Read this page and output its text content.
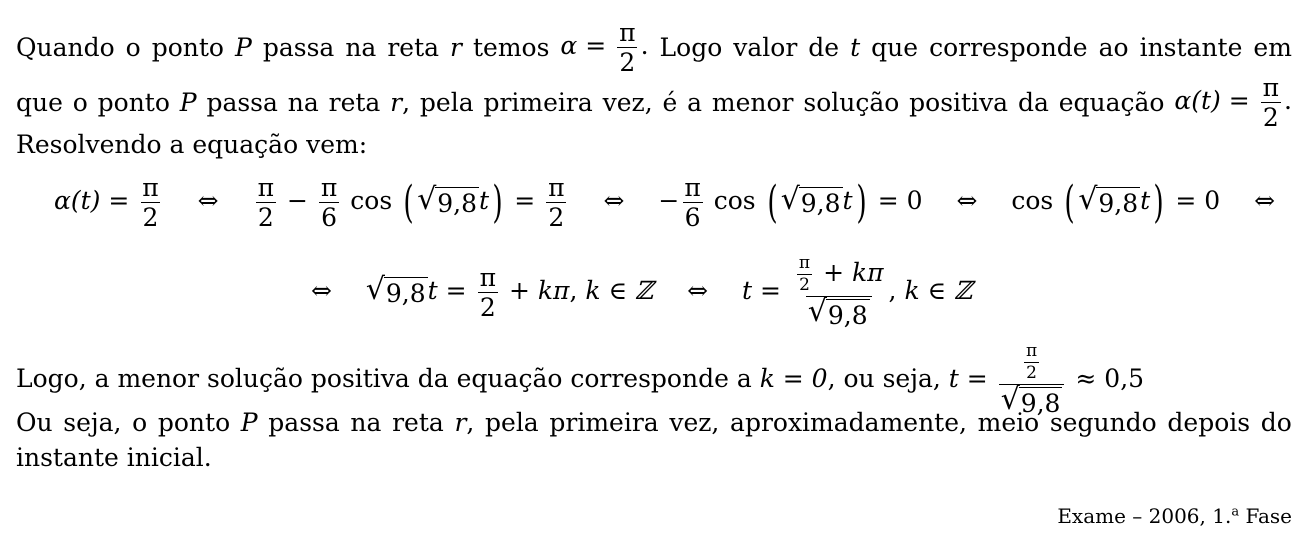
Quando o ponto P passa na reta r temos $\alpha = \frac{\pi}{2}$ . Logo valor de t que corresponde ao instante em
que o ponto P passa na reta r, pela primeira vez, é a menor solução positiva da equação $\alpha(t) = \frac{\pi}{2}$ .
Resolvendo a equação vem:
$\alpha(t) = \frac{\pi}{2}$ ⇔ $\frac{\pi}{2} - \frac{\pi}{6}$ cos ( √ $9,8t) = \frac{\pi}{2}$ ⇔ − $\frac{\pi}{6}$ cos ( √ 9,8t) = 0 ⇔ cos ( √ 9,8t) = 0 ⇔
⇔ √ $9,8t = \frac{\pi}{2} + k\pi$, k ∈ ℤ ⇔ $t = \frac{\frac{\pi}{2} + k\pi}{√ 9,8}$ , k ∈ ℤ
Logo, a menor solução positiva da equação corresponde a k = 0, ou seja, $t = \frac{\frac{\pi}{2}}{√ 9,8} \approx 0,5$
Ou seja, o ponto P passa na reta r, pela primeira vez, aproximadamente, meio segundo depois do
instante inicial.
Exame – 2006, 1.$^a$ Fase
